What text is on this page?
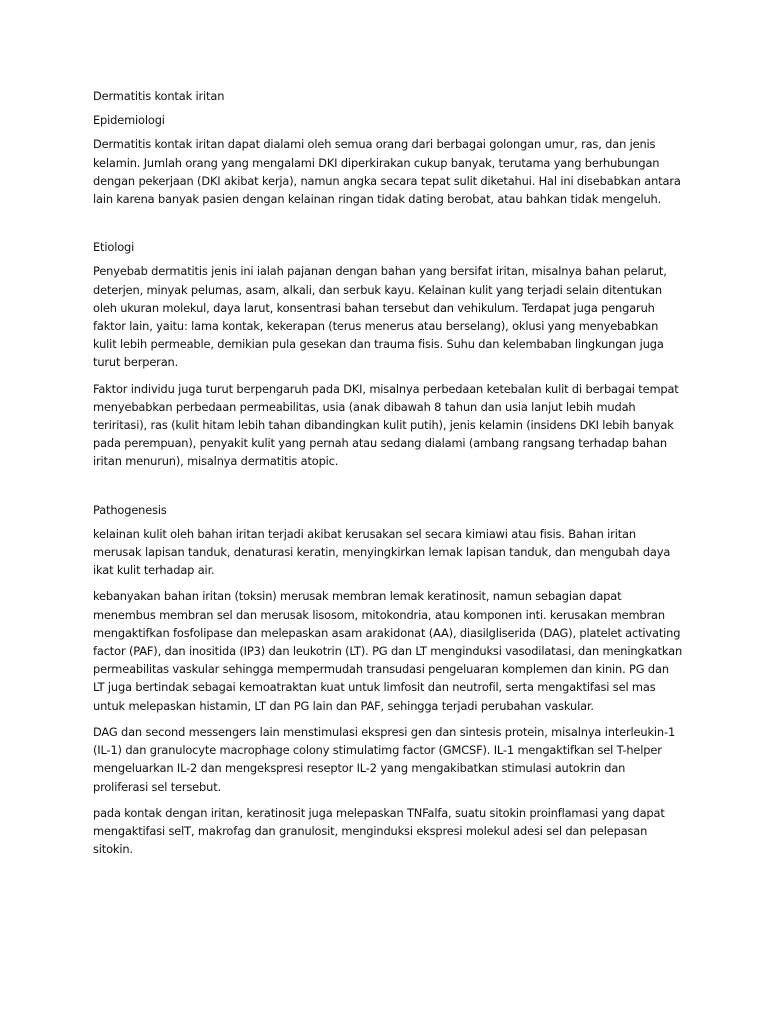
Dermatitis kontak iritan

Epidemiologi

Dermatitis kontak iritan dapat dialami oleh semua orang dari berbagai golongan umur, ras, dan jenis kelamin. Jumlah orang yang mengalami DKI diperkirakan cukup banyak, terutama yang berhubungan dengan pekerjaan (DKI akibat kerja), namun angka secara tepat sulit diketahui. Hal ini disebabkan antara lain karena banyak pasien dengan kelainan ringan tidak dating berobat, atau bahkan tidak mengeluh.

Etiologi

Penyebab dermatitis jenis ini ialah pajanan dengan bahan yang bersifat iritan, misalnya bahan pelarut, deterjen, minyak pelumas, asam, alkali, dan serbuk kayu. Kelainan kulit yang terjadi selain ditentukan oleh ukuran molekul, daya larut, konsentrasi bahan tersebut dan vehikulum. Terdapat juga pengaruh faktor lain, yaitu: lama kontak, kekerapan (terus menerus atau berselang), oklusi yang menyebabkan kulit lebih permeable, demikian pula gesekan dan trauma fisis. Suhu dan kelembaban lingkungan juga turut berperan.

Faktor individu juga turut berpengaruh pada DKI, misalnya perbedaan ketebalan kulit di berbagai tempat menyebabkan perbedaan permeabilitas, usia (anak dibawah 8 tahun dan usia lanjut lebih mudah teriritasi), ras (kulit hitam lebih tahan dibandingkan kulit putih), jenis kelamin (insidens DKI lebih banyak pada perempuan), penyakit kulit yang pernah atau sedang dialami (ambang rangsang terhadap bahan iritan menurun), misalnya dermatitis atopic.

Pathogenesis

kelainan kulit oleh bahan iritan terjadi akibat kerusakan sel secara kimiawi atau fisis. Bahan iritan merusak lapisan tanduk, denaturasi keratin, menyingkirkan lemak lapisan tanduk, dan mengubah daya ikat kulit terhadap air.

kebanyakan bahan iritan (toksin) merusak membran lemak keratinosit, namun sebagian dapat menembus membran sel dan merusak lisosom, mitokondria, atau komponen inti. kerusakan membran mengaktifkan fosfolipase dan melepaskan asam arakidonat (AA), diasilgliserida (DAG), platelet activating factor (PAF), dan inositida (IP3) dan leukotrin (LT). PG dan LT menginduksi vasodilatasi, dan meningkatkan permeabilitas vaskular sehingga mempermudah transudasi pengeluaran komplemen dan kinin. PG dan LT juga bertindak sebagai kemoatraktan kuat untuk limfosit dan neutrofil, serta mengaktifasi sel mas untuk melepaskan histamin, LT dan PG lain dan PAF, sehingga terjadi perubahan vaskular.

DAG dan second messengers lain menstimulasi ekspresi gen dan sintesis protein, misalnya interleukin-1 (IL-1) dan granulocyte macrophage colony stimulatimg factor (GMCSF). IL-1 mengaktifkan sel T-helper mengeluarkan IL-2 dan mengekspresi reseptor IL-2 yang mengakibatkan stimulasi autokrin dan proliferasi sel tersebut.

pada kontak dengan iritan, keratinosit juga melepaskan TNFalfa, suatu sitokin proinflamasi yang dapat mengaktifasi selT, makrofag dan granulosit, menginduksi ekspresi molekul adesi sel dan pelepasan sitokin.
